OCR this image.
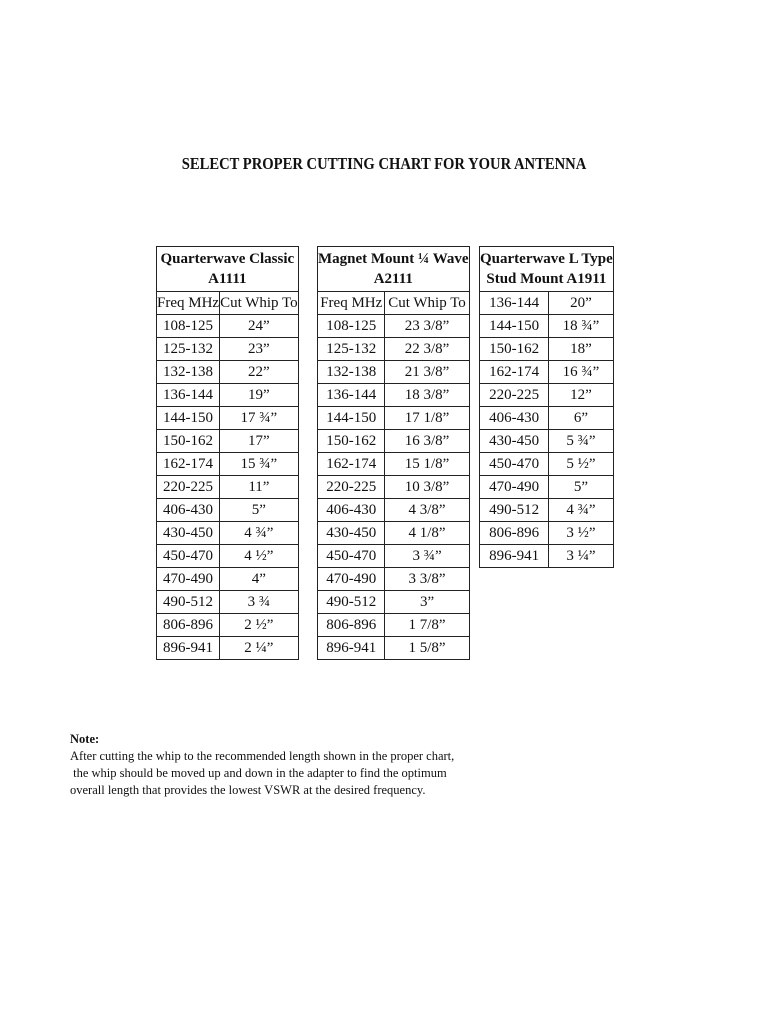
SELECT PROPER CUTTING CHART FOR YOUR ANTENNA
Quarterwave Classic
A1111	
Freq MHz	Cut Whip To
108-125	24”
125-132	23”
132-138	22”
136-144	19”
144-150	17 ¾”
150-162	17”
162-174	15 ¾”
220-225	11”
406-430	5”
430-450	4 ¾”
450-470	4 ½”
470-490	4”
490-512	3 ¾
806-896	2 ½”
896-941	2 ¼”
Magnet Mount ¼ Wave
A2111	
Freq MHz	Cut Whip To
108-125	23 3/8”
125-132	22 3/8”
132-138	21 3/8”
136-144	18 3/8”
144-150	17 1/8”
150-162	16 3/8”
162-174	15 1/8”
220-225	10 3/8”
406-430	4 3/8”
430-450	4 1/8”
450-470	3 ¾”
470-490	3 3/8”
490-512	3”
806-896	1 7/8”
896-941	1 5/8”
Quarterwave L Type
Stud Mount A1911	
136-144	20”
144-150	18 ¾”
150-162	18”
162-174	16 ¾”
220-225	12”
406-430	6”
430-450	5 ¾”
450-470	5 ½”
470-490	5”
490-512	4 ¾”
806-896	3 ½”
896-941	3 ¼”

Note:

After cutting the whip to the recommended length shown in the proper chart,

the whip should be moved up and down in the adapter to find the optimum

overall length that provides the lowest VSWR at the desired frequency.
